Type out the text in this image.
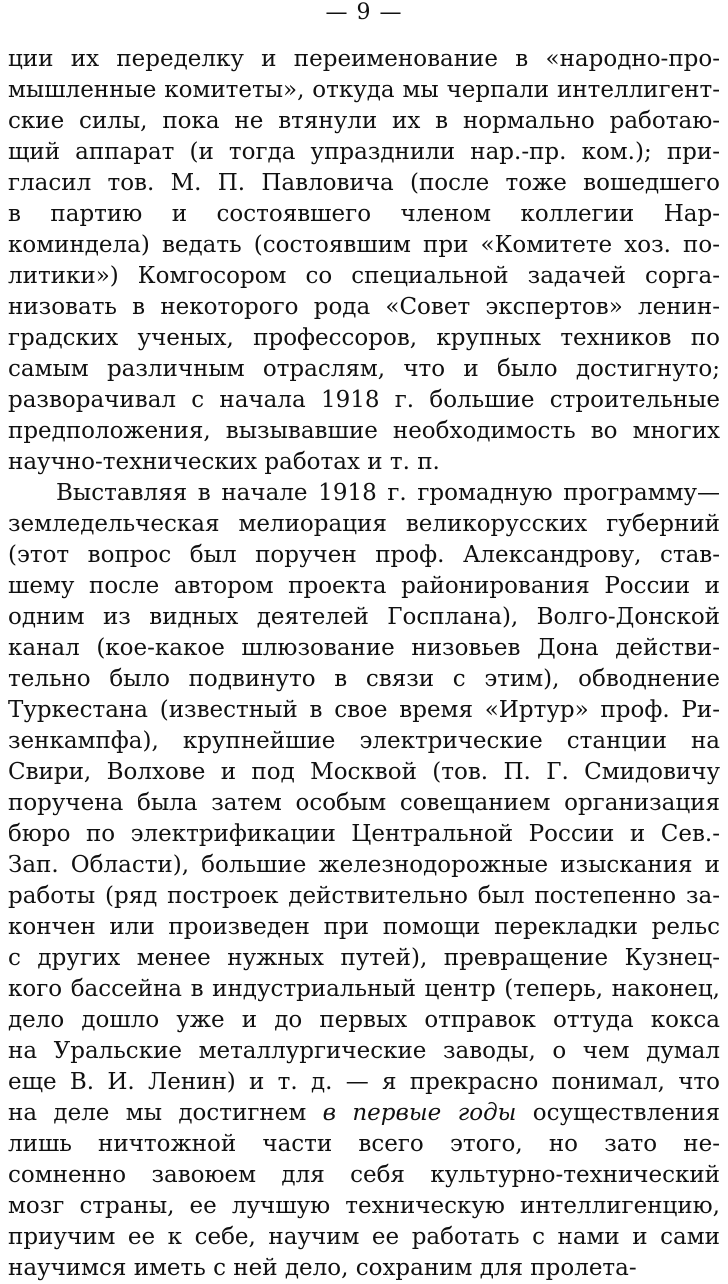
— 9 —
ции их переделку и переименование в «народно-про-
мышленные комитеты», откуда мы черпали интеллигент-
ские силы, пока не втянули их в нормально работаю-
щий аппарат (и тогда упразднили нар.-пр. ком.); при-
гласил тов. М. П. Павловича (после тоже вошедшего
в партию и состоявшего членом коллегии Нар-
коминдела) ведать (состоявшим при «Комитете хоз. по-
литики») Комгосором со специальной задачей сорга-
низовать в некоторого рода «Совет экспертов» ленин-
градских ученых, профессоров, крупных техников по
самым различным отраслям, что и было достигнуто;
разворачивал с начала 1918 г. большие строительные
предположения, вызывавшие необходимость во многих
научно-технических работах и т. п.
Выставляя в начале 1918 г. громадную программу—
земледельческая мелиорация великорусских губерний
(этот вопрос был поручен проф. Александрову, став-
шему после автором проекта районирования России и
одним из видных деятелей Госплана), Волго-Донской
канал (кое-какое шлюзование низовьев Дона действи-
тельно было подвинуто в связи с этим), обводнение
Туркестана (известный в свое время «Иртур» проф. Ри-
зенкампфа), крупнейшие электрические станции на
Свири, Волхове и под Москвой (тов. П. Г. Смидовичу
поручена была затем особым совещанием организация
бюро по электрификации Центральной России и Сев.-
Зап. Области), большие железнодорожные изыскания и
работы (ряд построек действительно был постепенно за-
кончен или произведен при помощи перекладки рельс
с других менее нужных путей), превращение Кузнец-
кого бассейна в индустриальный центр (теперь, наконец,
дело дошло уже и до первых отправок оттуда кокса
на Уральские металлургические заводы, о чем думал
еще В. И. Ленин) и т. д. — я прекрасно понимал, что
на деле мы достигнем в первые годы осуществления
лишь ничтожной части всего этого, но зато не-
сомненно завоюем для себя культурно-технический
мозг страны, ее лучшую техническую интеллигенцию,
приучим ее к себе, научим ее работать с нами и сами
научимся иметь с ней дело, сохраним для пролета-
